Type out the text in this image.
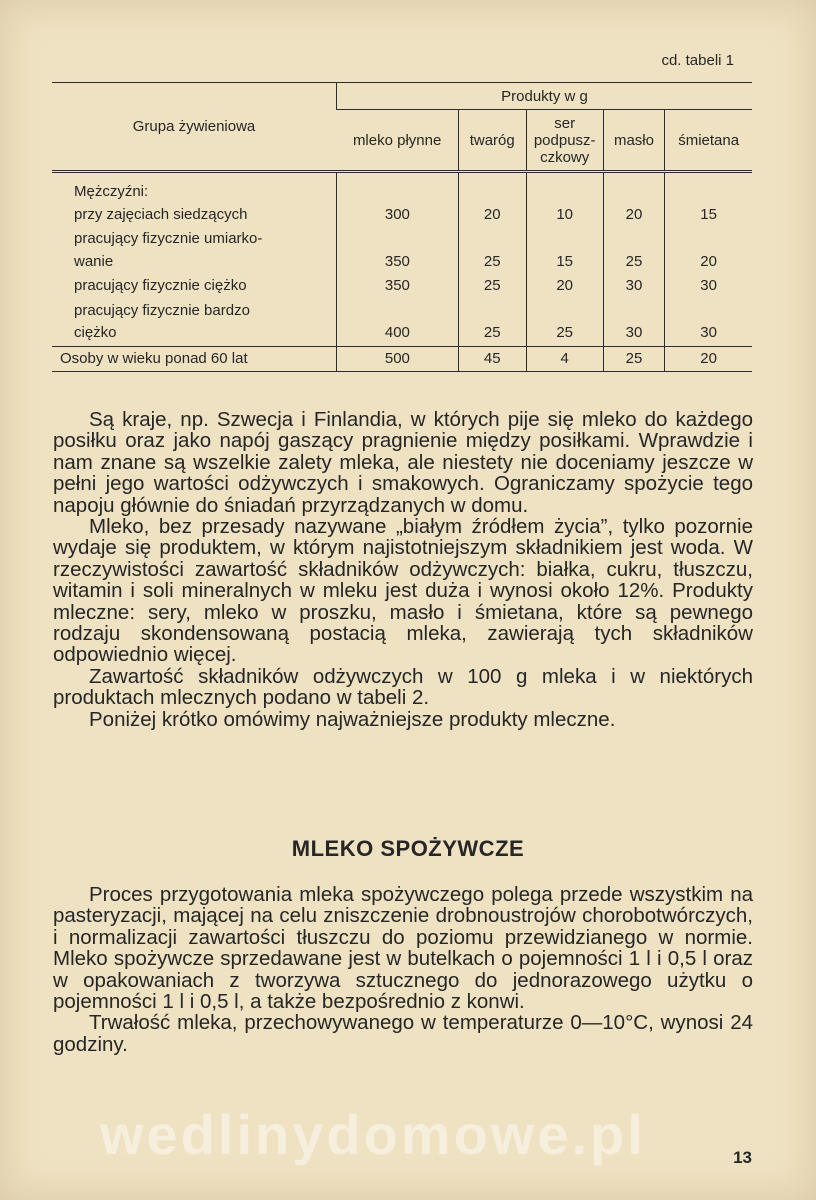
cd. tabeli 1
Grupa żywieniowa	Produkty w g				
	mleko płynne	twaróg	ser podpusz-czkowy	masło	śmietana

Mężczyźni:
przy zajęciach siedzących	300	20	10	20	15

pracujący fizycznie umiarko-
wanie	350	25	15	25	20
pracujący fizycznie ciężko	350	25	20	30	30

pracujący fizycznie bardzo
ciężko	400	25	25	30	30
Osoby w wieku ponad 60 lat	500	45	4	25	20

Są kraje, np. Szwecja i Finlandia, w których pije się mleko do każdego posiłku oraz jako napój gaszący pragnienie między posiłkami. Wprawdzie i nam znane są wszelkie zalety mleka, ale niestety nie doceniamy jeszcze w pełni jego wartości odżywczych i smakowych. Ograniczamy spożycie tego napoju głównie do śniadań przyrządzanych w domu.

Mleko, bez przesady nazywane „białym źródłem życia”, tylko pozornie wydaje się produktem, w którym najistotniejszym składnikiem jest woda. W rzeczywistości zawartość składników odżywczych: białka, cukru, tłuszczu, witamin i soli mineralnych w mleku jest duża i wynosi około 12%. Produkty mleczne: sery, mleko w proszku, masło i śmietana, które są pewnego rodzaju skondensowaną postacią mleka, zawierają tych składników odpowiednio więcej.

Zawartość składników odżywczych w 100 g mleka i w niektórych produktach mlecznych podano w tabeli 2.

Poniżej krótko omówimy najważniejsze produkty mleczne.

MLEKO SPOŻYWCZE

Proces przygotowania mleka spożywczego polega przede wszystkim na pasteryzacji, mającej na celu zniszczenie drobnoustrojów chorobotwórczych, i normalizacji zawartości tłuszczu do poziomu przewidzianego w normie. Mleko spożywcze sprzedawane jest w butelkach o pojemności 1 l i 0,5 l oraz w opakowaniach z tworzywa sztucznego do jednorazowego użytku o pojemności 1 l i 0,5 l, a także bezpośrednio z konwi.

Trwałość mleka, przechowywanego w temperaturze 0—10°C, wynosi 24 godziny.

wedlinydomowe.pl	13
